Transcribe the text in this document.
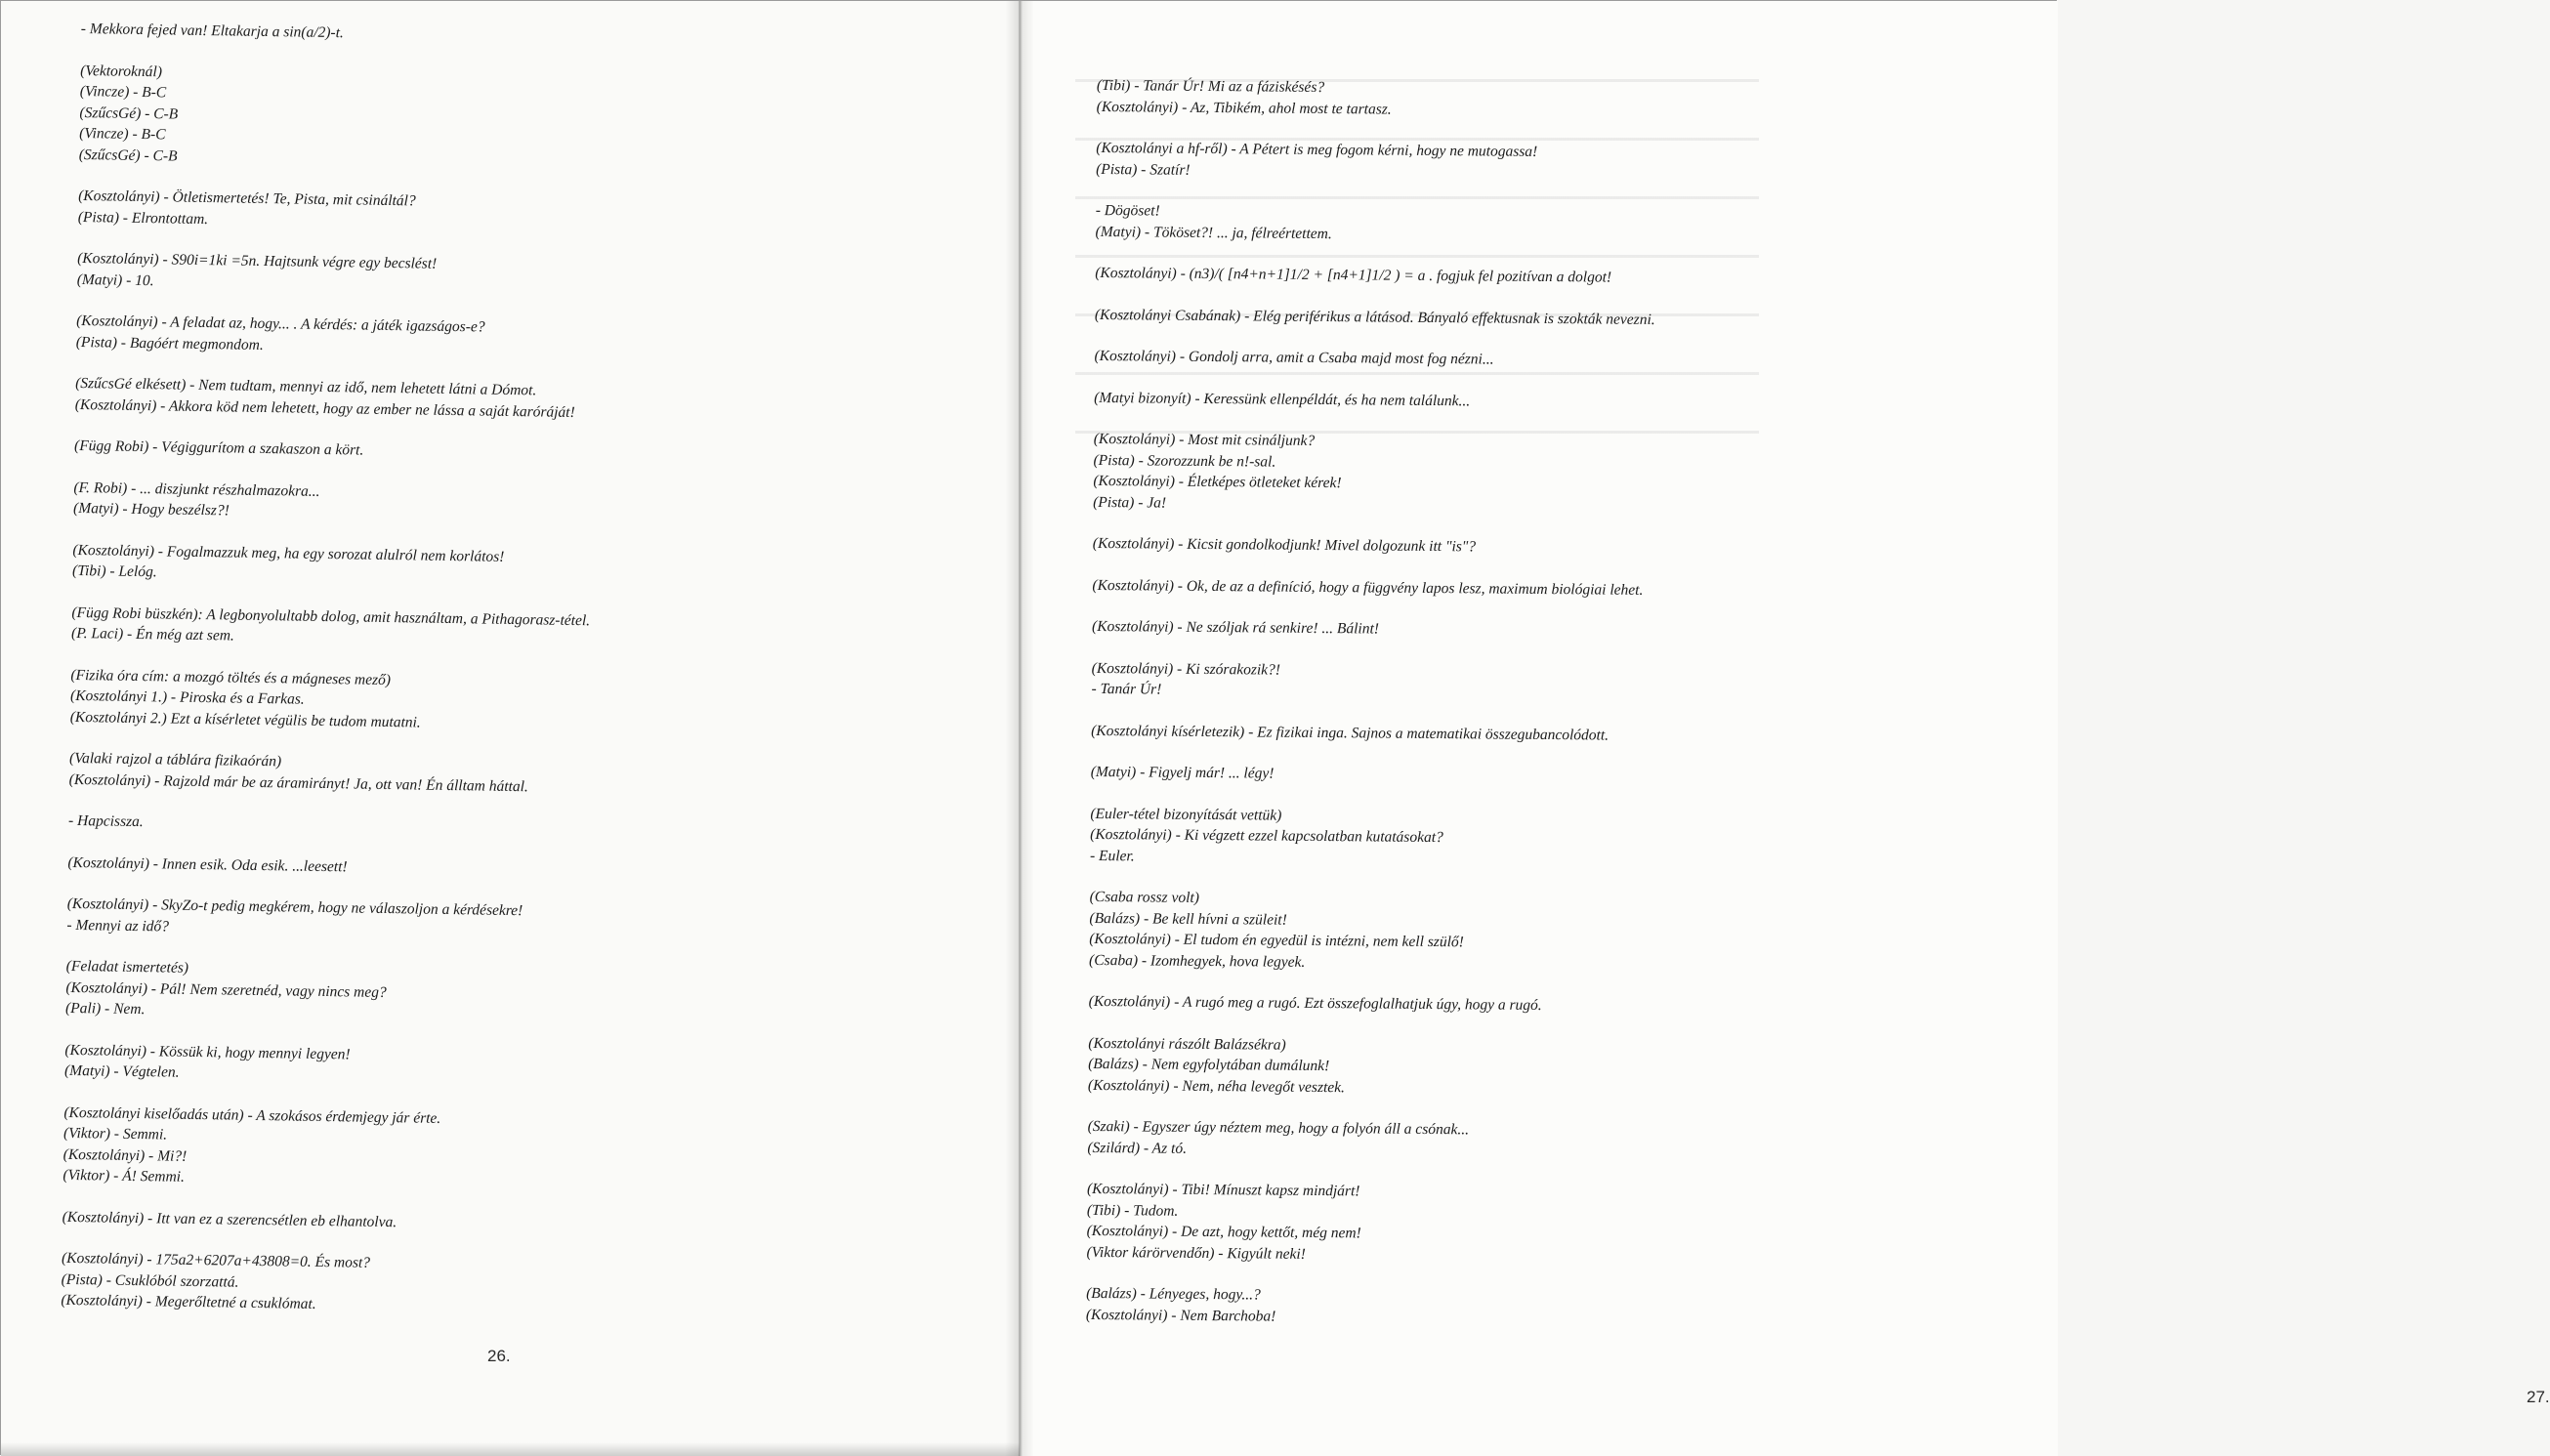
- Mekkora fejed van! Eltakarja a sin(a/2)-t.
(Vektoroknál)
(Vincze) - B-C
(SzűcsGé) - C-B
(Vincze) - B-C
(SzűcsGé) - C-B
(Kosztolányi) - Ötletismertetés! Te, Pista, mit csináltál?
(Pista) - Elrontottam.
(Kosztolányi) - S90i=1ki =5n. Hajtsunk végre egy becslést!
(Matyi) - 10.
(Kosztolányi) - A feladat az, hogy... . A kérdés: a játék igazságos-e?
(Pista) - Bagóért megmondom.
(SzűcsGé elkésett) - Nem tudtam, mennyi az idő, nem lehetett látni a Dómot.
(Kosztolányi) - Akkora köd nem lehetett, hogy az ember ne lássa a saját karóráját!
(Függ Robi) - Végiggurítom a szakaszon a kört.
(F. Robi) - ... diszjunkt részhalmazokra...
(Matyi) - Hogy beszélsz?!
(Kosztolányi) - Fogalmazzuk meg, ha egy sorozat alulról nem korlátos!
(Tibi) - Lelóg.
(Függ Robi büszkén): A legbonyolultabb dolog, amit használtam, a Pithagorasz-tétel.
(P. Laci) - Én még azt sem.
(Fizika óra cím: a mozgó töltés és a mágneses mező)
(Kosztolányi 1.) - Piroska és a Farkas.
(Kosztolányi 2.) Ezt a kísérletet végülis be tudom mutatni.
(Valaki rajzol a táblára fizikaórán)
(Kosztolányi) - Rajzold már be az áramirányt! Ja, ott van! Én álltam háttal.
- Hapcissza.
(Kosztolányi) - Innen esik. Oda esik. ...leesett!
(Kosztolányi) - SkyZo-t pedig megkérem, hogy ne válaszoljon a kérdésekre!
- Mennyi az idő?
(Feladat ismertetés)
(Kosztolányi) - Pál! Nem szeretnéd, vagy nincs meg?
(Pali) - Nem.
(Kosztolányi) - Kössük ki, hogy mennyi legyen!
(Matyi) - Végtelen.
(Kosztolányi kiselőadás után) - A szokásos érdemjegy jár érte.
(Viktor) - Semmi.
(Kosztolányi) - Mi?!
(Viktor) - Á! Semmi.
(Kosztolányi) - Itt van ez a szerencsétlen eb elhantolva.
(Kosztolányi) - 175a2+6207a+43808=0. És most?
(Pista) - Csuklóból szorzattá.
(Kosztolányi) - Megerőltetné a csuklómat.
26.
27.
(Tibi) - Tanár Úr! Mi az a fáziskésés?
(Kosztolányi) - Az, Tibikém, ahol most te tartasz.
(Kosztolányi a hf-ről) - A Pétert is meg fogom kérni, hogy ne mutogassa!
(Pista) - Szatír!
- Dögöset!
(Matyi) - Tököset?! ... ja, félreértettem.
(Kosztolányi) - (n3)/( [n4+n+1]1/2 + [n4+1]1/2 ) = a . fogjuk fel pozitívan a dolgot!
(Kosztolányi Csabának) - Elég periférikus a látásod. Bányaló effektusnak is szokták nevezni.
(Kosztolányi) - Gondolj arra, amit a Csaba majd most fog nézni...
(Matyi bizonyít) - Keressünk ellenpéldát, és ha nem találunk...
(Kosztolányi) - Most mit csináljunk?
(Pista) - Szorozzunk be n!-sal.
(Kosztolányi) - Életképes ötleteket kérek!
(Pista) - Ja!
(Kosztolányi) - Kicsit gondolkodjunk! Mivel dolgozunk itt "is"?
(Kosztolányi) - Ok, de az a definíció, hogy a függvény lapos lesz, maximum biológiai lehet.
(Kosztolányi) - Ne szóljak rá senkire! ... Bálint!
(Kosztolányi) - Ki szórakozik?!
- Tanár Úr!
(Kosztolányi kísérletezik) - Ez fizikai inga. Sajnos a matematikai összegubancolódott.
(Matyi) - Figyelj már! ... légy!
(Euler-tétel bizonyítását vettük)
(Kosztolányi) - Ki végzett ezzel kapcsolatban kutatásokat?
- Euler.
(Csaba rossz volt)
(Balázs) - Be kell hívni a szüleit!
(Kosztolányi) - El tudom én egyedül is intézni, nem kell szülő!
(Csaba) - Izomhegyek, hova legyek.
(Kosztolányi) - A rugó meg a rugó. Ezt összefoglalhatjuk úgy, hogy a rugó.
(Kosztolányi rászólt Balázsékra)
(Balázs) - Nem egyfolytában dumálunk!
(Kosztolányi) - Nem, néha levegőt vesztek.
(Szaki) - Egyszer úgy néztem meg, hogy a folyón áll a csónak...
(Szilárd) - Az tó.
(Kosztolányi) - Tibi! Mínuszt kapsz mindjárt!
(Tibi) - Tudom.
(Kosztolányi) - De azt, hogy kettőt, még nem!
(Viktor kárörvendőn) - Kigyúlt neki!
(Balázs) - Lényeges, hogy...?
(Kosztolányi) - Nem Barchoba!
